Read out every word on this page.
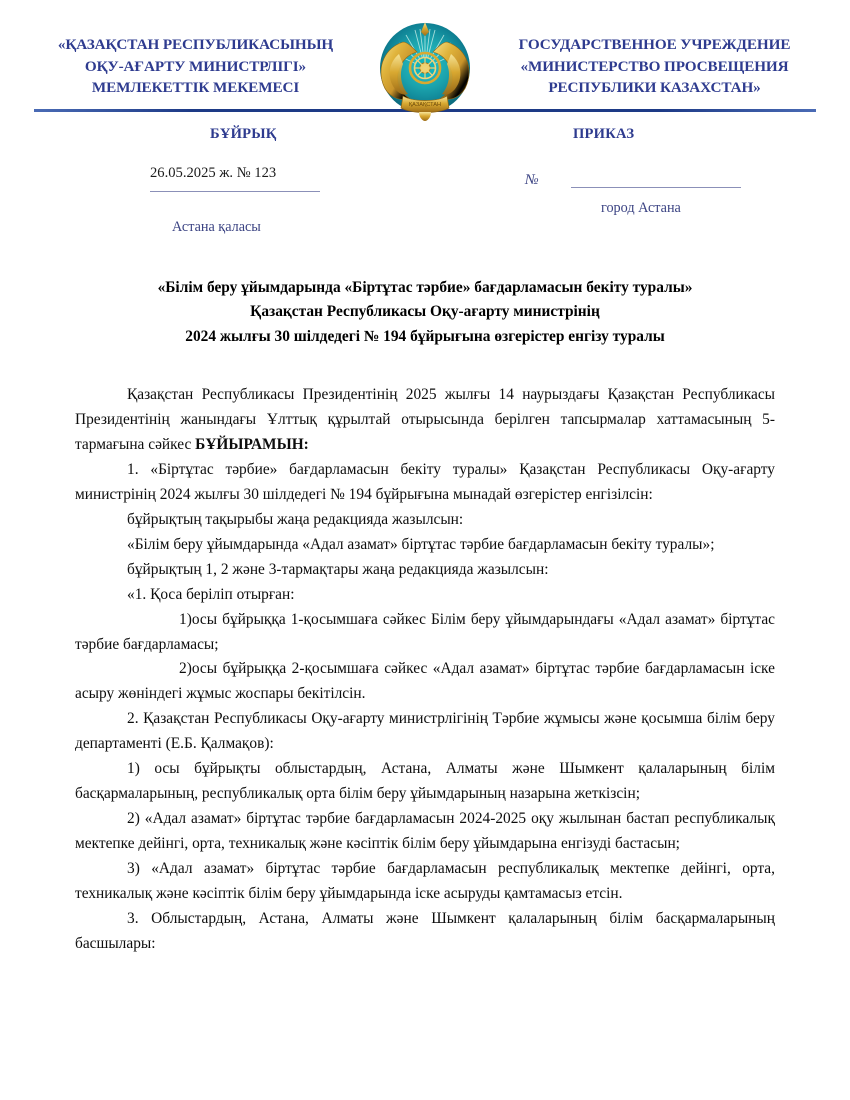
«ҚАЗАҚСТАН РЕСПУБЛИКАСЫНЫҢ
ОҚУ-АҒАРТУ МИНИСТРЛІГІ»
МЕМЛЕКЕТТІК МЕКЕМЕСІ
ҚАЗАҚСТАН
ГОСУДАРСТВЕННОЕ УЧРЕЖДЕНИЕ
«МИНИСТЕРСТВО ПРОСВЕЩЕНИЯ
РЕСПУБЛИКИ КАЗАХСТАН»
БҰЙРЫҚ
26.05.2025 ж. № 123
Астана қаласы
ПРИКАЗ
№
город Астана
«Білім беру ұйымдарында «Біртұтас тәрбие» бағдарламасын бекіту туралы»
Қазақстан Республикасы Оқу-ағарту министрінің
2024 жылғы 30 шілдедегі № 194 бұйрығына өзгерістер енгізу туралы

Қазақстан Республикасы Президентінің 2025 жылғы 14 наурыздағы Қазақстан Республикасы Президентінің жанындағы Ұлттық құрылтай отырысында берілген тапсырмалар хаттамасының 5-тармағына сәйкес БҰЙЫРАМЫН:

1. «Біртұтас тәрбие» бағдарламасын бекіту туралы» Қазақстан Республикасы Оқу-ағарту министрінің 2024 жылғы 30 шілдедегі № 194 бұйрығына мынадай өзгерістер енгізілсін:

бұйрықтың тақырыбы жаңа редакцияда жазылсын:

«Білім беру ұйымдарында «Адал азамат» біртұтас тәрбие бағдарламасын бекіту туралы»;

бұйрықтың 1, 2 және 3-тармақтары жаңа редакцияда жазылсын:

«1. Қоса беріліп отырған:

1)осы бұйрыққа 1-қосымшаға сәйкес Білім беру ұйымдарындағы «Адал азамат» біртұтас тәрбие бағдарламасы;

2)осы бұйрыққа 2-қосымшаға сәйкес «Адал азамат» біртұтас тәрбие бағдарламасын іске асыру жөніндегі жұмыс жоспары бекітілсін.

2. Қазақстан Республикасы Оқу-ағарту министрлігінің Тәрбие жұмысы және қосымша білім беру департаменті (Е.Б. Қалмақов):

1) осы бұйрықты облыстардың, Астана, Алматы және Шымкент қалаларының білім басқармаларының, республикалық орта білім беру ұйымдарының назарына жеткізсін;

2) «Адал азамат» біртұтас тәрбие бағдарламасын 2024-2025 оқу жылынан бастап республикалық мектепке дейінгі, орта, техникалық және кәсіптік білім беру ұйымдарына енгізуді бастасын;

3) «Адал азамат» біртұтас тәрбие бағдарламасын республикалық мектепке дейінгі, орта, техникалық және кәсіптік білім беру ұйымдарында іске асыруды қамтамасыз етсін.

3. Облыстардың, Астана, Алматы және Шымкент қалаларының білім басқармаларының басшылары:
